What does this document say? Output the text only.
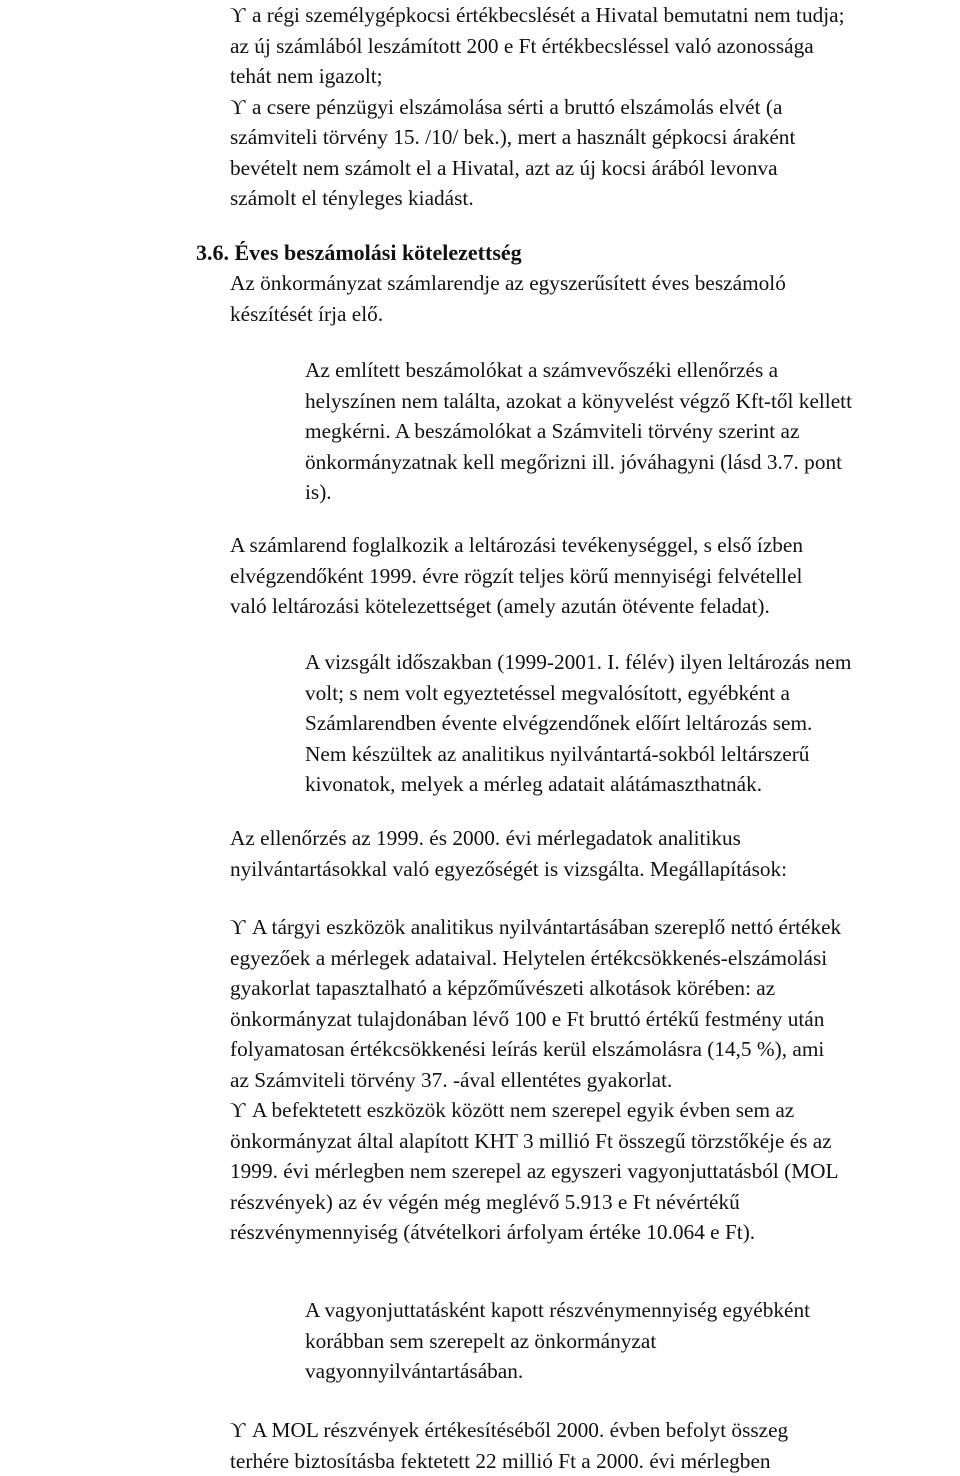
ϒ a régi személygépkocsi értékbecslését a Hivatal bemutatni nem tudja;
az új számlából leszámított 200 e Ft értékbecsléssel való azonossága
tehát nem igazolt;
ϒ a csere pénzügyi elszámolása sérti a bruttó elszámolás elvét (a
számviteli törvény 15. /10/ bek.), mert a használt gépkocsi áraként
bevételt nem számolt el a Hivatal, azt az új kocsi árából levonva
számolt el tényleges kiadást.
3.6. Éves beszámolási kötelezettség
Az önkormányzat számlarendje az egyszerűsített éves beszámoló
készítését írja elő.
Az említett beszámolókat a számvevőszéki ellenőrzés a
helyszínen nem találta, azokat a könyvelést végző Kft-től kellett
megkérni. A beszámolókat a Számviteli törvény szerint az
önkormányzatnak kell megőrizni ill. jóváhagyni (lásd 3.7. pont
is).
A számlarend foglalkozik a leltározási tevékenységgel, s első ízben
elvégzendőként 1999. évre rögzít teljes körű mennyiségi felvétellel
való leltározási kötelezettséget (amely azután ötévente feladat).
A vizsgált időszakban (1999-2001. I. félév) ilyen leltározás nem
volt; s nem volt egyeztetéssel megvalósított, egyébként a
Számlarendben évente elvégzendőnek előírt leltározás sem.
Nem készültek az analitikus nyilvántartá-sokból leltárszerű
kivonatok, melyek a mérleg adatait alátámaszthatnák.
Az ellenőrzés az 1999. és 2000. évi mérlegadatok analitikus
nyilvántartásokkal való egyezőségét is vizsgálta. Megállapítások:
ϒ A tárgyi eszközök analitikus nyilvántartásában szereplő nettó értékek
egyezőek a mérlegek adataival. Helytelen értékcsökkenés-elszámolási
gyakorlat tapasztalható a képzőművészeti alkotások körében: az
önkormányzat tulajdonában lévő 100 e Ft bruttó értékű festmény után
folyamatosan értékcsökkenési leírás kerül elszámolásra (14,5 %), ami
az Számviteli törvény 37. -ával ellentétes gyakorlat.
ϒ A befektetett eszközök között nem szerepel egyik évben sem az
önkormányzat által alapított KHT 3 millió Ft összegű törzstőkéje és az
1999. évi mérlegben nem szerepel az egyszeri vagyonjuttatásból (MOL
részvények) az év végén még meglévő 5.913 e Ft névértékű
részvénymennyiség (átvételkori árfolyam értéke 10.064 e Ft).
A vagyonjuttatásként kapott részvénymennyiség egyébként
korábban sem szerepelt az önkormányzat
vagyonnyilvántartásában.
ϒ A MOL részvények értékesítéséből 2000. évben befolyt összeg
terhére biztosításba fektetett 22 millió Ft a 2000. évi mérlegben
